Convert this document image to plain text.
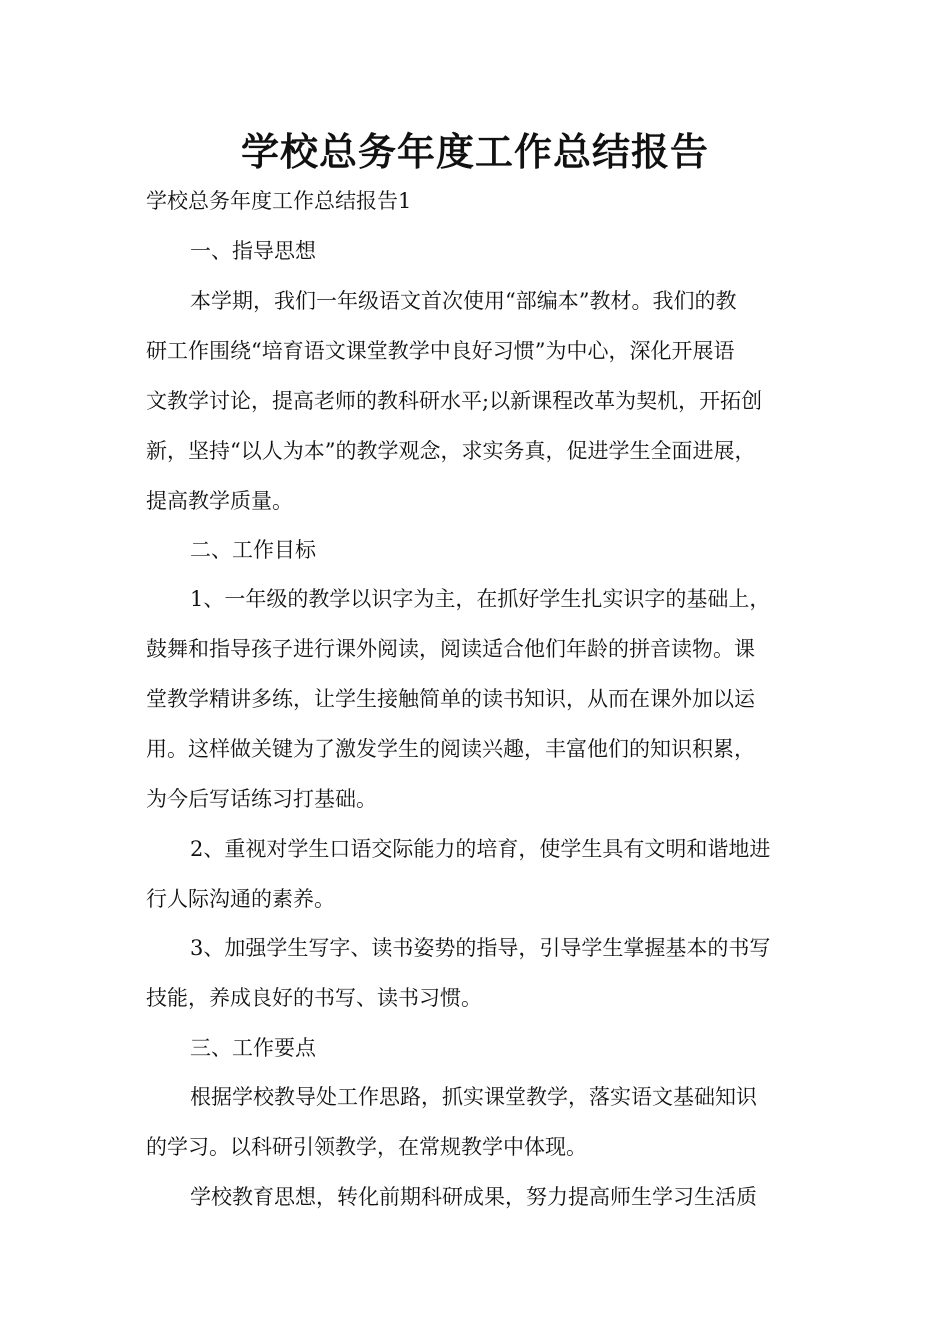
学校总务年度工作总结报告

学校总务年度工作总结报告1

一、指导思想

本学期，我们一年级语文首次使用“部编本”教材。我们的教

研工作围绕“培育语文课堂教学中良好习惯”为中心，深化开展语

文教学讨论，提高老师的教科研水平;以新课程改革为契机，开拓创

新，坚持“以人为本”的教学观念，求实务真，促进学生全面进展，

提高教学质量。

二、工作目标

1、一年级的教学以识字为主，在抓好学生扎实识字的基础上，

鼓舞和指导孩子进行课外阅读，阅读适合他们年龄的拼音读物。课

堂教学精讲多练，让学生接触简单的读书知识，从而在课外加以运

用。这样做关键为了激发学生的阅读兴趣，丰富他们的知识积累，

为今后写话练习打基础。

2、重视对学生口语交际能力的培育，使学生具有文明和谐地进

行人际沟通的素养。

3、加强学生写字、读书姿势的指导，引导学生掌握基本的书写

技能，养成良好的书写、读书习惯。

三、工作要点

根据学校教导处工作思路，抓实课堂教学，落实语文基础知识

的学习。以科研引领教学，在常规教学中体现。

学校教育思想，转化前期科研成果，努力提高师生学习生活质
